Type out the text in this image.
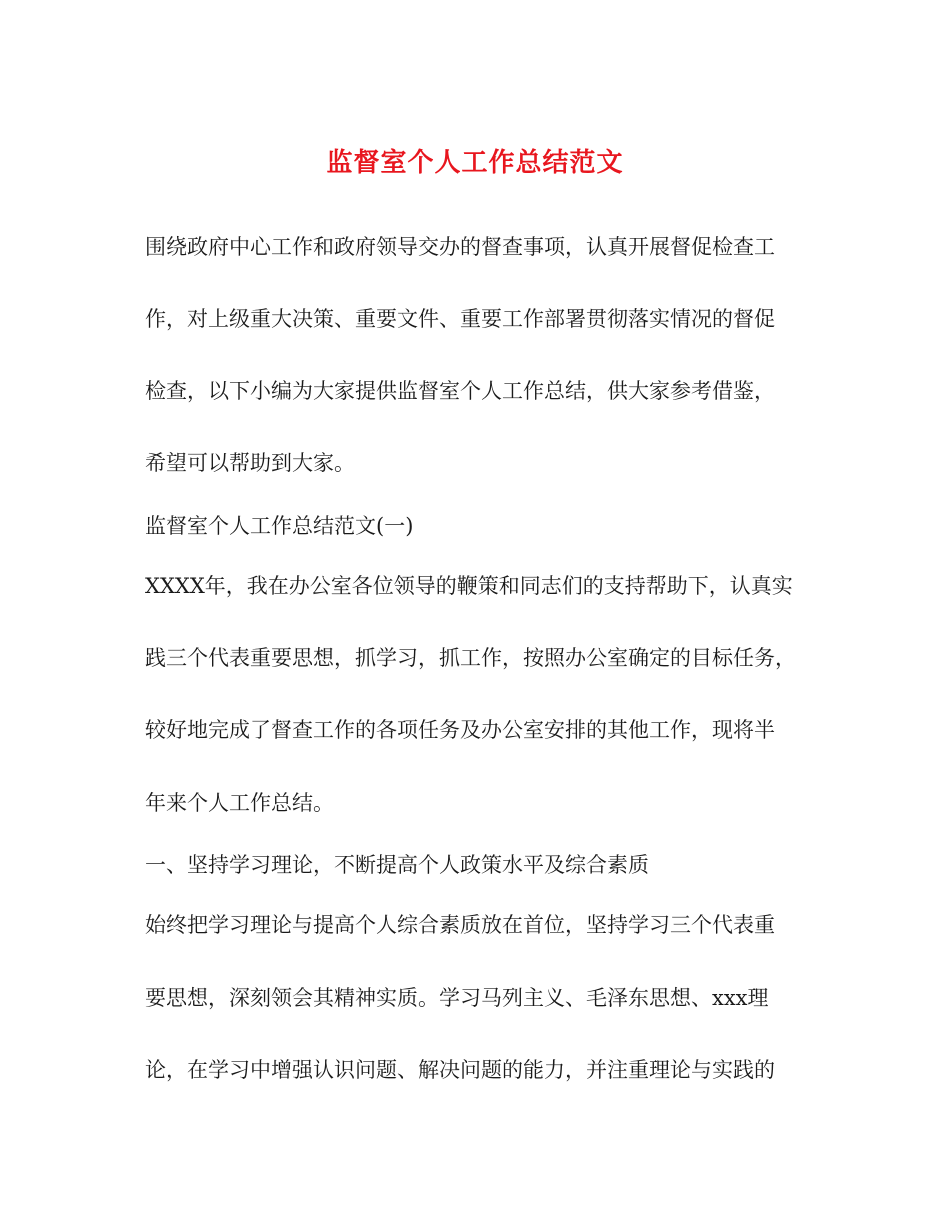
监督室个人工作总结范文
围绕政府中心工作和政府领导交办的督查事项，认真开展督促检查工
作，对上级重大决策、重要文件、重要工作部署贯彻落实情况的督促
检查，以下小编为大家提供监督室个人工作总结，供大家参考借鉴，
希望可以帮助到大家。
监督室个人工作总结范文(一)
XXXX年，我在办公室各位领导的鞭策和同志们的支持帮助下，认真实
践三个代表重要思想，抓学习，抓工作，按照办公室确定的目标任务，
较好地完成了督查工作的各项任务及办公室安排的其他工作，现将半
年来个人工作总结。
一、坚持学习理论，不断提高个人政策水平及综合素质
始终把学习理论与提高个人综合素质放在首位，坚持学习三个代表重
要思想，深刻领会其精神实质。学习马列主义、毛泽东思想、xxx理
论，在学习中增强认识问题、解决问题的能力，并注重理论与实践的
